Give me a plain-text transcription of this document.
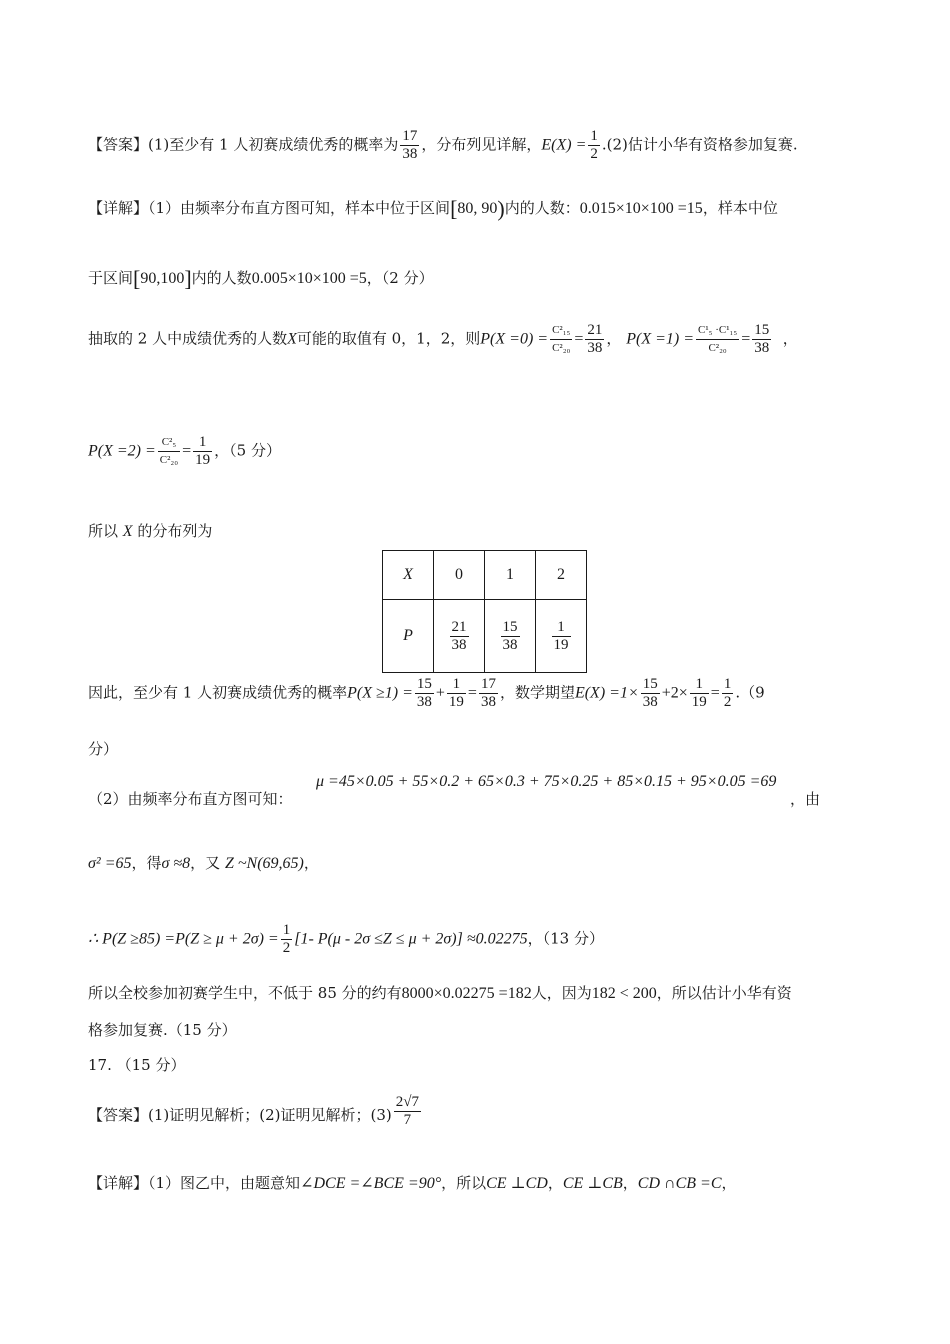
【答案】(1)至少有 1 人初赛成绩优秀的概率为 $\frac{17}{38}$ ，分布列见详解，$E(X) = \frac{1}{2} .(2)$估计小华有资格参加复赛.
【详解】（1）由频率分布直方图可知，样本中位于区间[80, 90)内的人数：0.015×10×100 =15，样本中位
于区间[90,100]内的人数0.005×10×100 =5，（2 分）
抽取的 2 人中成绩优秀的人数X可能的取值有 0，1，2，则$P(X =0) = \frac{\text{C²₁₅}}{\text{C²₂₀}} = \frac{21}{38}$ ， $P(X =1) = \frac{\text{C¹₅ ·C¹₁₅}}{\text{C²₂₀}} = \frac{15}{38}$ ，
$P(X =2) = \frac{\text{C²₅}}{\text{C²₂₀}} = \frac{1}{19}$ ，（5 分）
所以 X 的分布列为
X	0	1	2
P	$\frac{21}{38}$	$\frac{15}{38}$	$\frac{1}{19}$
因此，至少有 1 人初赛成绩优秀的概率$P(X \ge 1) = \frac{15}{38} + \frac{1}{19} = \frac{17}{38}$ ，数学期望$E(X) =1\times \frac{15}{38} +2\times \frac{1}{19} = \frac{1}{2} .(9$
分）
μ =45×0.05 + 55×0.2 + 65×0.3 + 75×0.25 + 85×0.15 + 95×0.05 =69
（2）由频率分布直方图可知：	，由
σ² =65，得σ ≈8，又 Z ~N(69,65)，
∴ $P(Z \ge 85) =P(Z \ge \mu + 2\sigma) = \frac{1}{2} [1-$ P(μ - 2σ ≤Z ≤ μ + 2σ)] ≈0.02275，（13 分）
所以全校参加初赛学生中，不低于 85 分的约有8000×0.02275 =182人，因为182 < 200，所以估计小华有资
格参加复赛.（15 分）
17. （15 分）
【答案】(1)证明见解析；(2)证明见解析；$(3) \frac{2√7}{7}$
【详解】（1）图乙中，由题意知∠DCE =∠BCE =90°，所以CE ⊥CD，CE ⊥CB，CD ∩CB =C，
